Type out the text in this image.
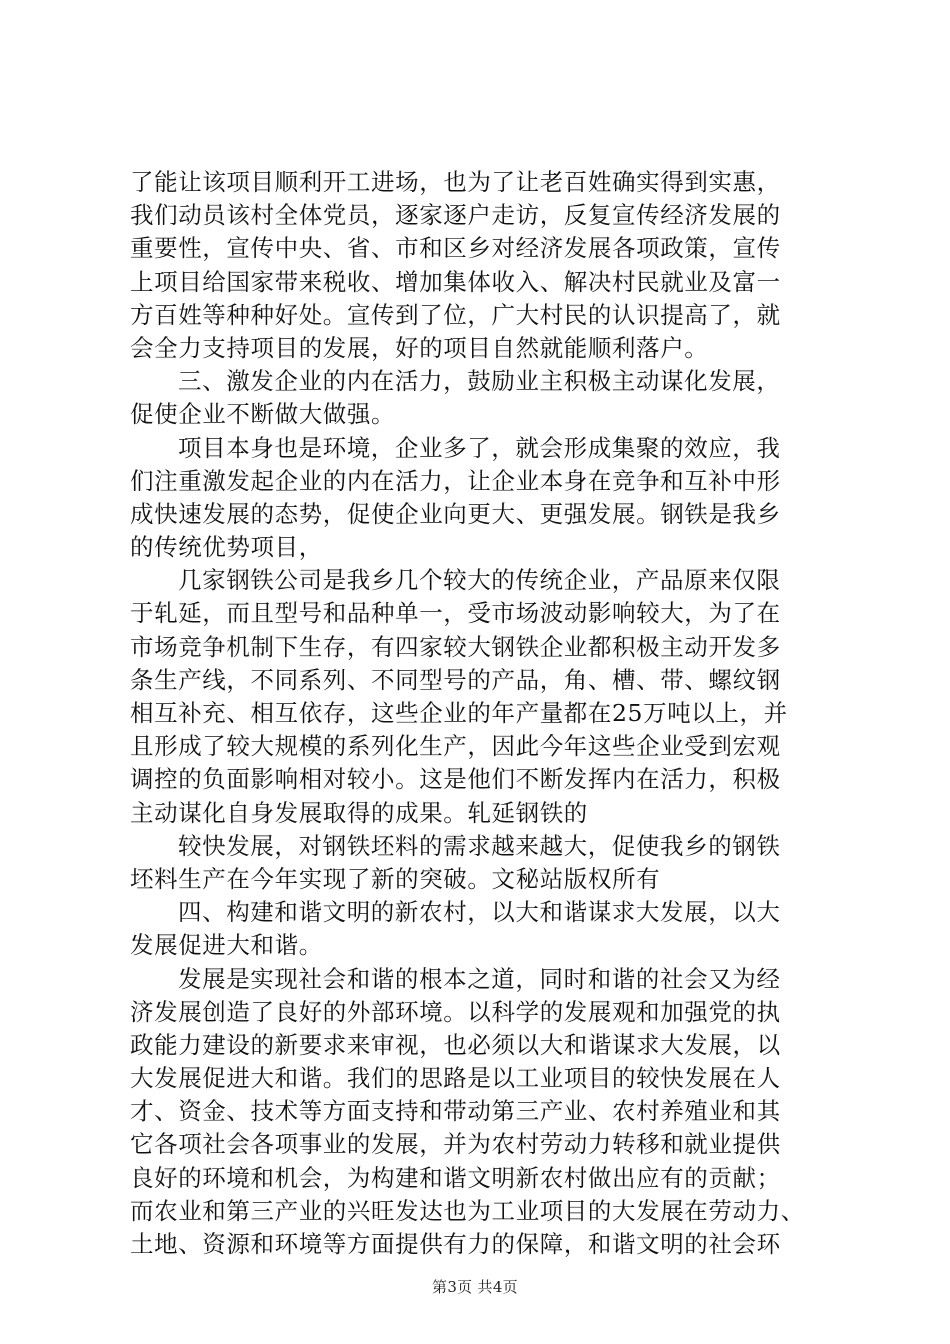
了能让该项目顺利开工进场，也为了让老百姓确实得到实惠，
我们动员该村全体党员，逐家逐户走访，反复宣传经济发展的
重要性，宣传中央、省、市和区乡对经济发展各项政策，宣传
上项目给国家带来税收、增加集体收入、解决村民就业及富一
方百姓等种种好处。宣传到了位，广大村民的认识提高了，就
会全力支持项目的发展，好的项目自然就能顺利落户。
三、激发企业的内在活力，鼓励业主积极主动谋化发展，
促使企业不断做大做强。
项目本身也是环境，企业多了，就会形成集聚的效应，我
们注重激发起企业的内在活力，让企业本身在竞争和互补中形
成快速发展的态势，促使企业向更大、更强发展。钢铁是我乡
的传统优势项目，
几家钢铁公司是我乡几个较大的传统企业，产品原来仅限
于轧延，而且型号和品种单一，受市场波动影响较大，为了在
市场竞争机制下生存，有四家较大钢铁企业都积极主动开发多
条生产线，不同系列、不同型号的产品，角、槽、带、螺纹钢
相互补充、相互依存，这些企业的年产量都在25万吨以上，并
且形成了较大规模的系列化生产，因此今年这些企业受到宏观
调控的负面影响相对较小。这是他们不断发挥内在活力，积极
主动谋化自身发展取得的成果。轧延钢铁的
较快发展，对钢铁坯料的需求越来越大，促使我乡的钢铁
坯料生产在今年实现了新的突破。文秘站版权所有
四、构建和谐文明的新农村，以大和谐谋求大发展，以大
发展促进大和谐。
发展是实现社会和谐的根本之道，同时和谐的社会又为经
济发展创造了良好的外部环境。以科学的发展观和加强党的执
政能力建设的新要求来审视，也必须以大和谐谋求大发展，以
大发展促进大和谐。我们的思路是以工业项目的较快发展在人
才、资金、技术等方面支持和带动第三产业、农村养殖业和其
它各项社会各项事业的发展，并为农村劳动力转移和就业提供
良好的环境和机会，为构建和谐文明新农村做出应有的贡献；
而农业和第三产业的兴旺发达也为工业项目的大发展在劳动力、
土地、资源和环境等方面提供有力的保障，和谐文明的社会环
第3页 共4页
